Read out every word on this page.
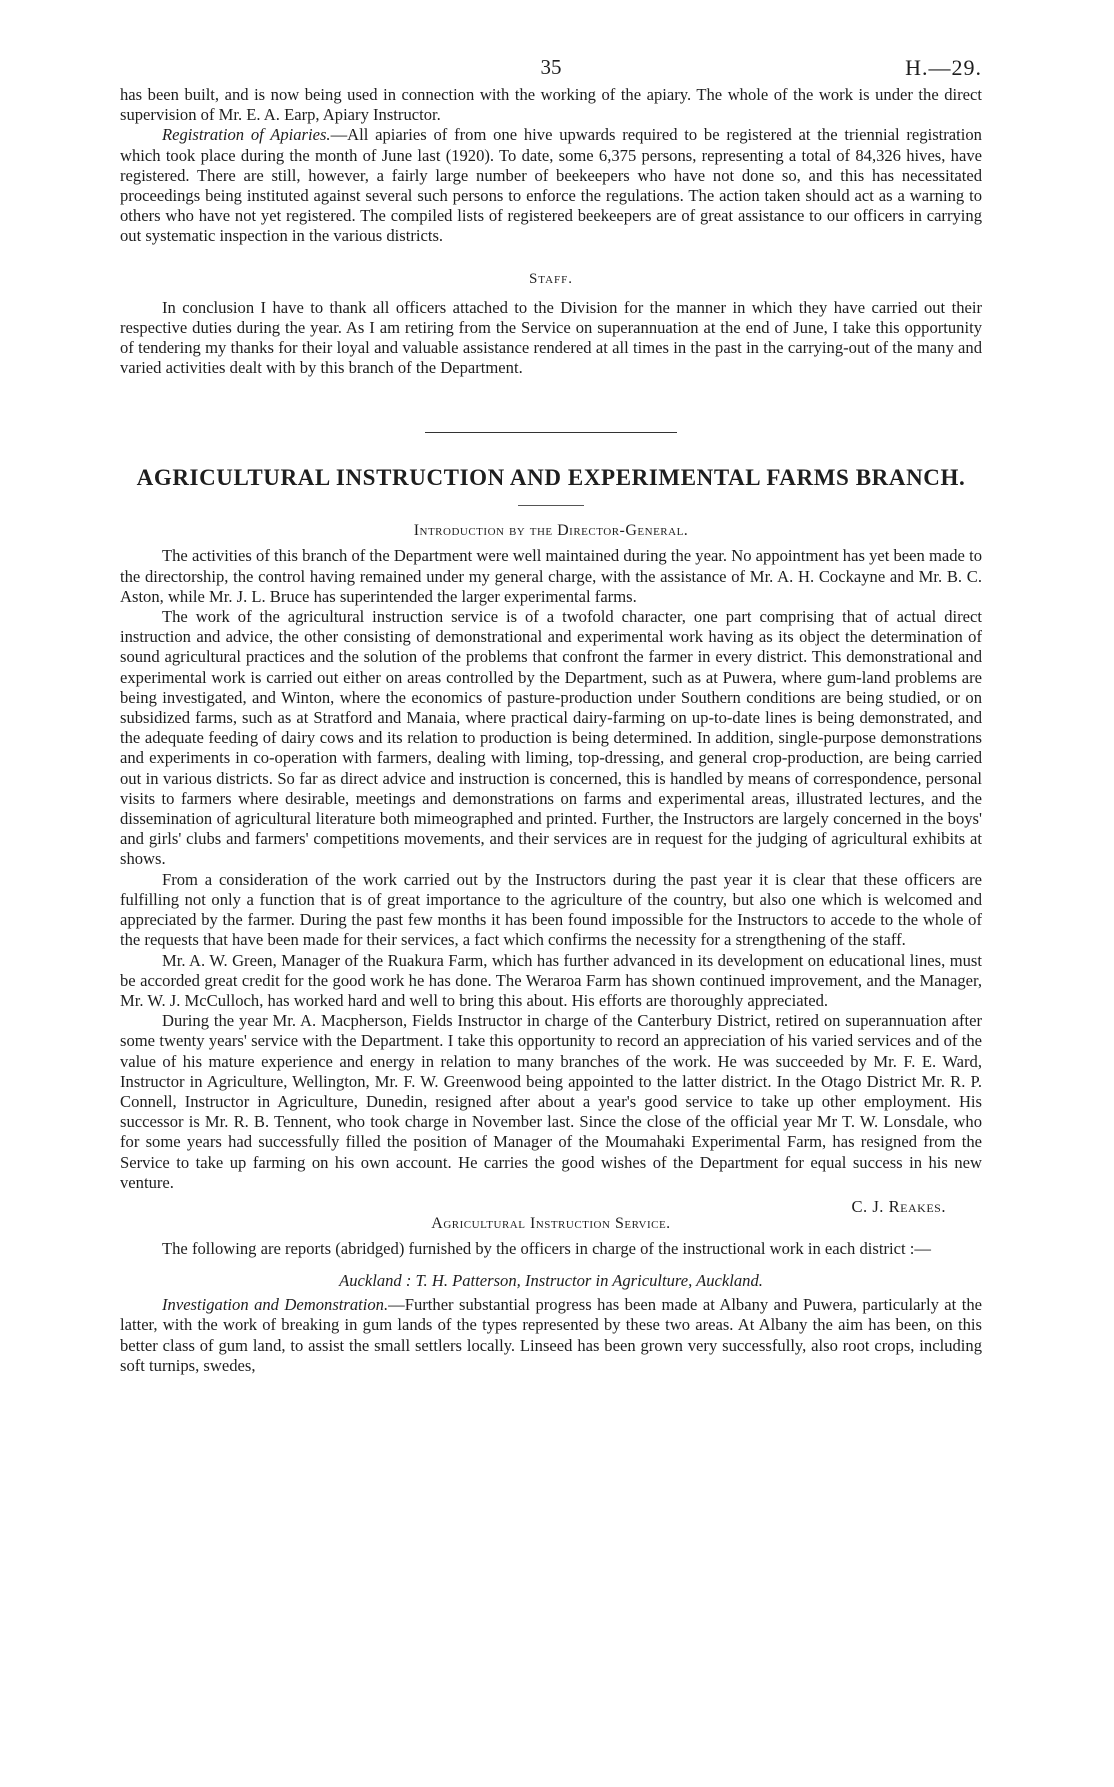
35	H.—29.

has been built, and is now being used in connection with the working of the apiary. The whole of the work is under the direct supervision of Mr. E. A. Earp, Apiary Instructor.

Registration of Apiaries.—All apiaries of from one hive upwards required to be registered at the triennial registration which took place during the month of June last (1920). To date, some 6,375 persons, representing a total of 84,326 hives, have registered. There are still, however, a fairly large number of beekeepers who have not done so, and this has necessitated proceedings being instituted against several such persons to enforce the regulations. The action taken should act as a warning to others who have not yet registered. The compiled lists of registered beekeepers are of great assistance to our officers in carrying out systematic inspection in the various districts.

Staff.

In conclusion I have to thank all officers attached to the Division for the manner in which they have carried out their respective duties during the year. As I am retiring from the Service on superannuation at the end of June, I take this opportunity of tendering my thanks for their loyal and valuable assistance rendered at all times in the past in the carrying-out of the many and varied activities dealt with by this branch of the Department.

AGRICULTURAL INSTRUCTION AND EXPERIMENTAL FARMS BRANCH.
Introduction by the Director-General.

The activities of this branch of the Department were well maintained during the year. No appointment has yet been made to the directorship, the control having remained under my general charge, with the assistance of Mr. A. H. Cockayne and Mr. B. C. Aston, while Mr. J. L. Bruce has superintended the larger experimental farms.

The work of the agricultural instruction service is of a twofold character, one part comprising that of actual direct instruction and advice, the other consisting of demonstrational and experimental work having as its object the determination of sound agricultural practices and the solution of the problems that confront the farmer in every district. This demonstrational and experimental work is carried out either on areas controlled by the Department, such as at Puwera, where gum-land problems are being investigated, and Winton, where the economics of pasture-production under Southern conditions are being studied, or on subsidized farms, such as at Stratford and Manaia, where practical dairy-farming on up-to-date lines is being demonstrated, and the adequate feeding of dairy cows and its relation to production is being determined. In addition, single-purpose demonstrations and experiments in co-operation with farmers, dealing with liming, top-dressing, and general crop-production, are being carried out in various districts. So far as direct advice and instruction is concerned, this is handled by means of correspondence, personal visits to farmers where desirable, meetings and demonstrations on farms and experimental areas, illustrated lectures, and the dissemination of agricultural literature both mimeographed and printed. Further, the Instructors are largely concerned in the boys' and girls' clubs and farmers' competitions movements, and their services are in request for the judging of agricultural exhibits at shows.

From a consideration of the work carried out by the Instructors during the past year it is clear that these officers are fulfilling not only a function that is of great importance to the agriculture of the country, but also one which is welcomed and appreciated by the farmer. During the past few months it has been found impossible for the Instructors to accede to the whole of the requests that have been made for their services, a fact which confirms the necessity for a strengthening of the staff.

Mr. A. W. Green, Manager of the Ruakura Farm, which has further advanced in its development on educational lines, must be accorded great credit for the good work he has done. The Weraroa Farm has shown continued improvement, and the Manager, Mr. W. J. McCulloch, has worked hard and well to bring this about. His efforts are thoroughly appreciated.

During the year Mr. A. Macpherson, Fields Instructor in charge of the Canterbury District, retired on superannuation after some twenty years' service with the Department. I take this opportunity to record an appreciation of his varied services and of the value of his mature experience and energy in relation to many branches of the work. He was succeeded by Mr. F. E. Ward, Instructor in Agriculture, Wellington, Mr. F. W. Greenwood being appointed to the latter district. In the Otago District Mr. R. P. Connell, Instructor in Agriculture, Dunedin, resigned after about a year's good service to take up other employment. His successor is Mr. R. B. Tennent, who took charge in November last. Since the close of the official year Mr T. W. Lonsdale, who for some years had successfully filled the position of Manager of the Moumahaki Experimental Farm, has resigned from the Service to take up farming on his own account. He carries the good wishes of the Department for equal success in his new venture.

C. J. Reakes.
Agricultural Instruction Service.

The following are reports (abridged) furnished by the officers in charge of the instructional work in each district :—

Auckland : T. H. Patterson, Instructor in Agriculture, Auckland.

Investigation and Demonstration.—Further substantial progress has been made at Albany and Puwera, particularly at the latter, with the work of breaking in gum lands of the types represented by these two areas. At Albany the aim has been, on this better class of gum land, to assist the small settlers locally. Linseed has been grown very successfully, also root crops, including soft turnips, swedes,
